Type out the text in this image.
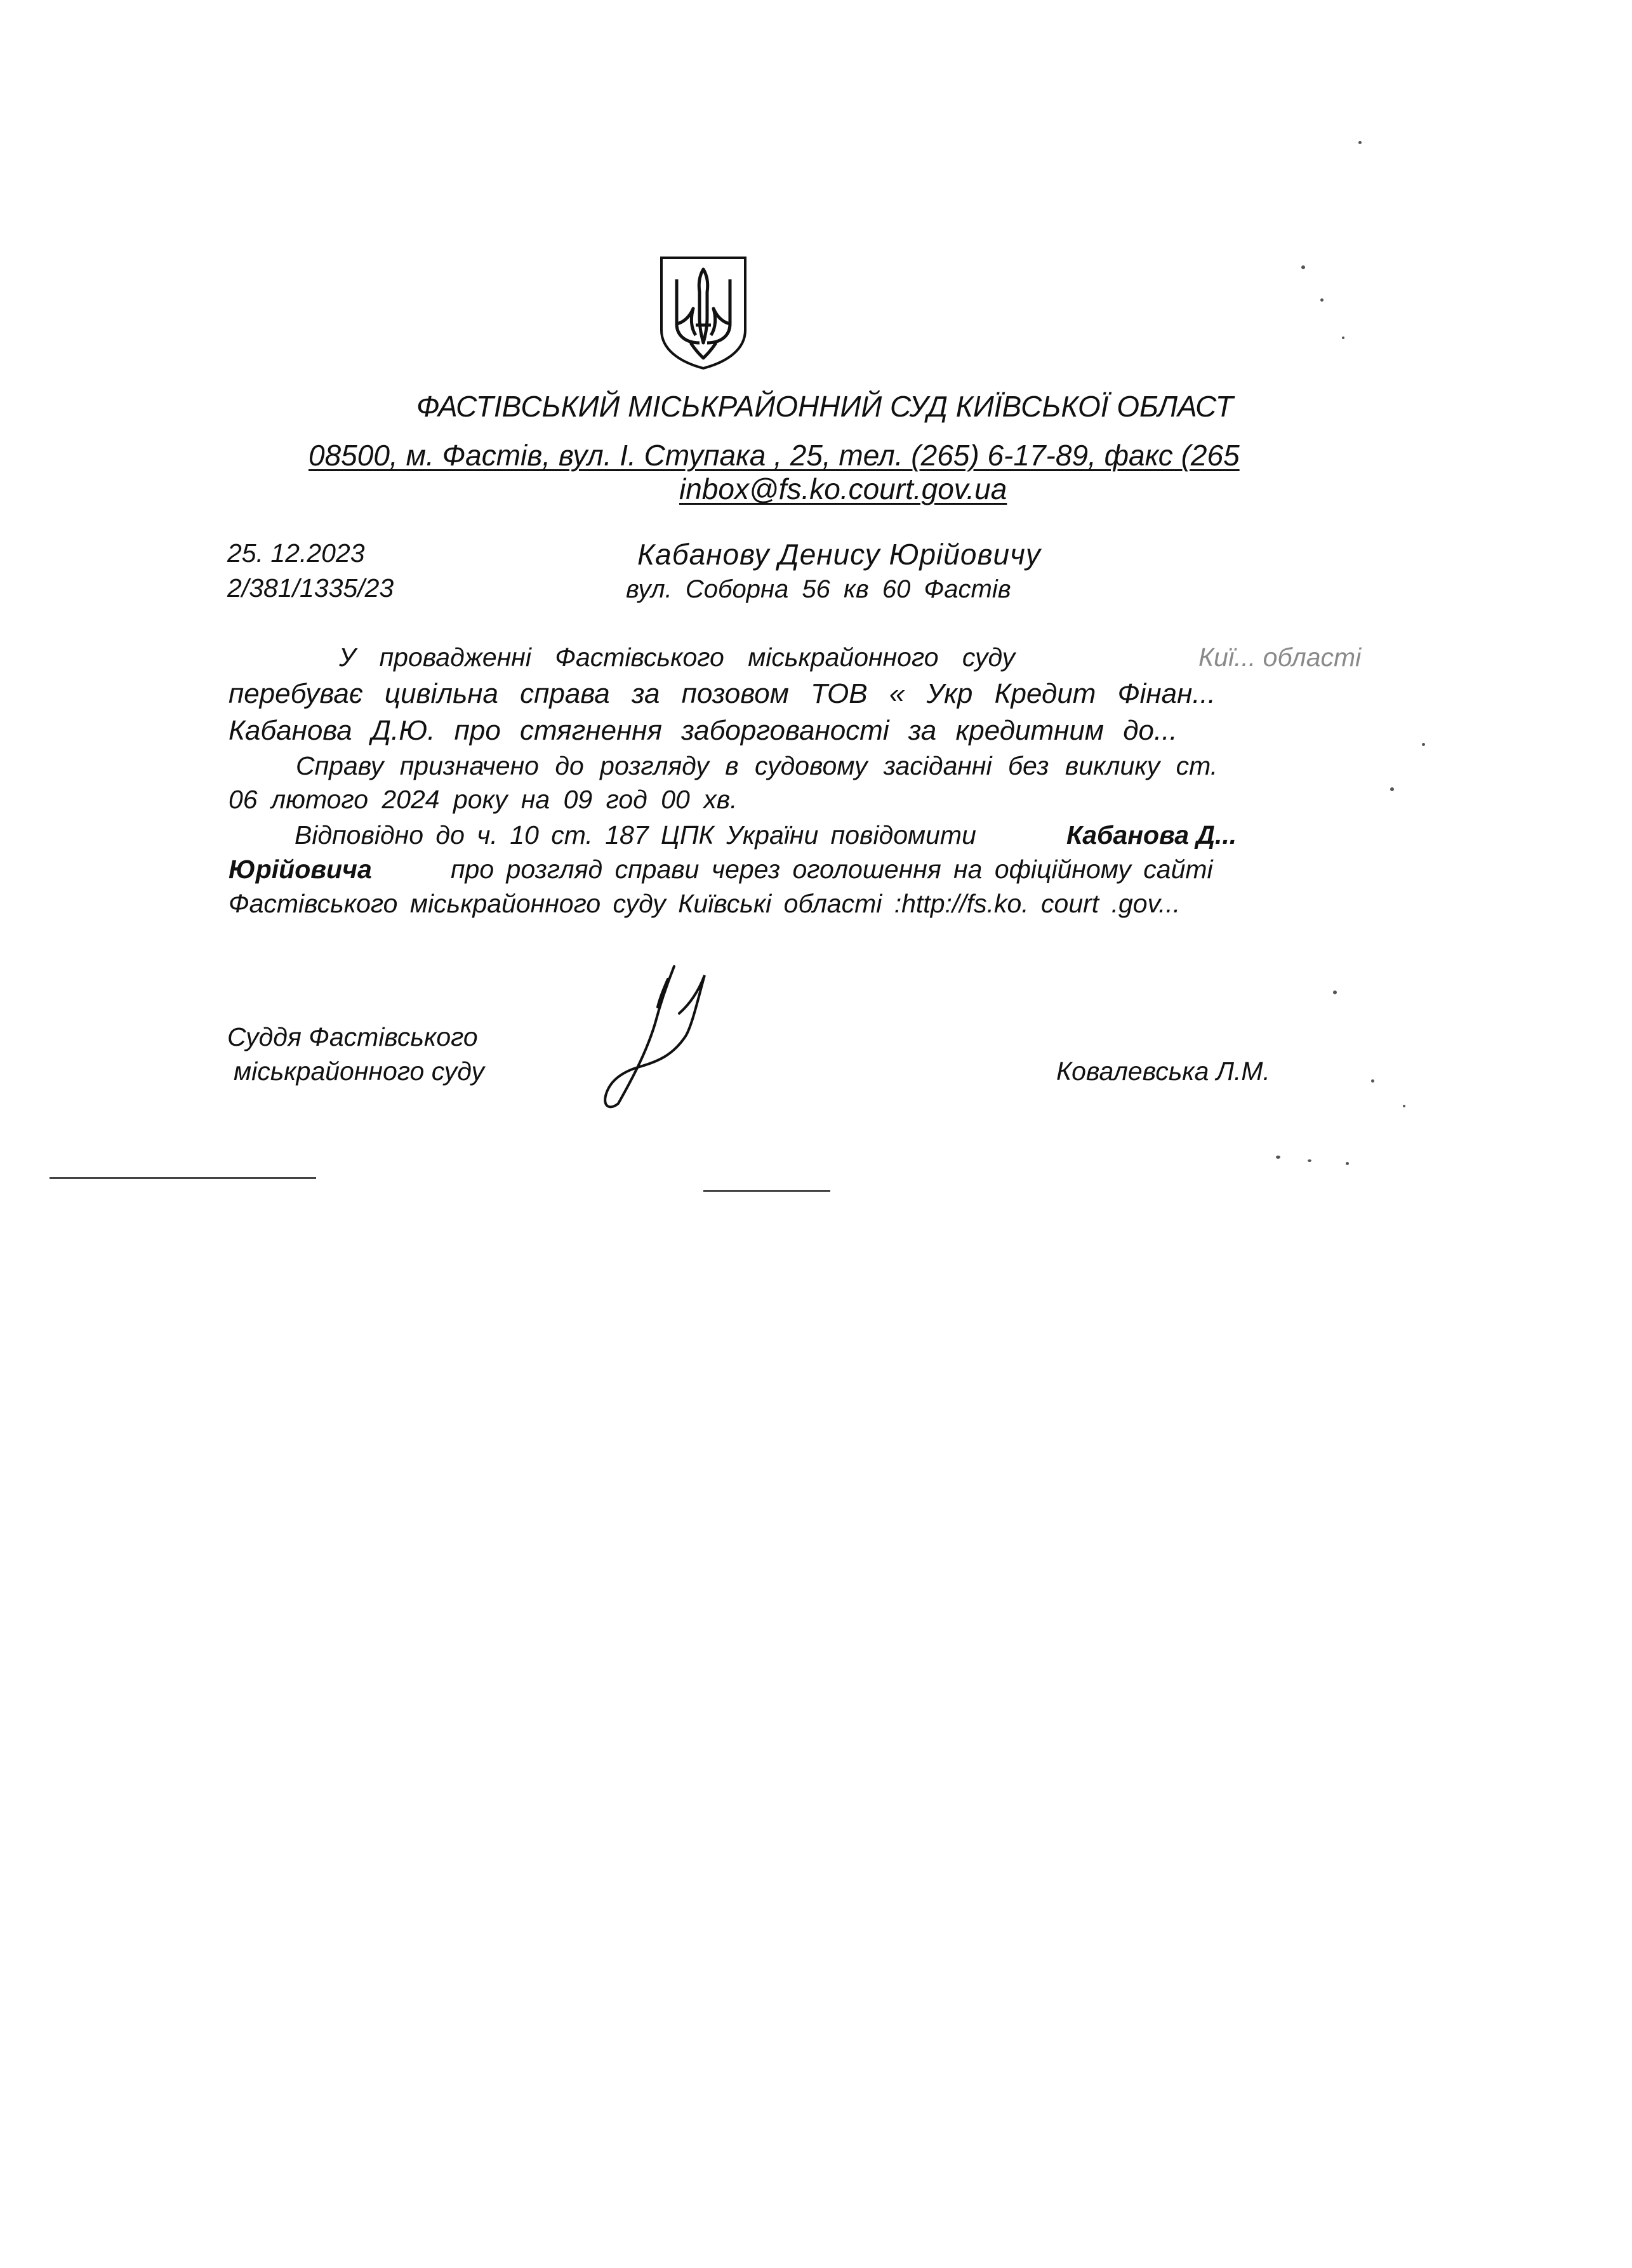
ФАСТІВСЬКИЙ МІСЬКРАЙОННИЙ СУД КИЇВСЬКОЇ ОБЛАСТ
08500, м. Фастів, вул. І. Ступака , 25, тел. (265) 6-17-89, факс (265
inbox@fs.ko.court.gov.ua
25. 12.2023
2/381/1335/23
Кабанову Денису Юрійовичу
вул. Соборна 56 кв 60 Фастів
У провадженні Фастівського міськрайонного суду	Киї... області
перебуває цивільна справа за позовом ТОВ « Укр Кредит Фінан...
Кабанова Д.Ю. про стягнення заборгованості за кредитним до...
Справу призначено до розгляду в судовому засіданні без виклику ст.
06 лютого 2024 року на 09 год 00 хв.
Відповідно до ч. 10 ст. 187 ЦПК України повідомити	Кабанова Д...
Юрійовича	про розгляд справи через оголошення на офіційному сайті
Фастівського міськрайонного суду Київські області :http://fs.ko. court .gov...
Суддя Фастівського
міськрайонного суду	Ковалевська Л.М.
